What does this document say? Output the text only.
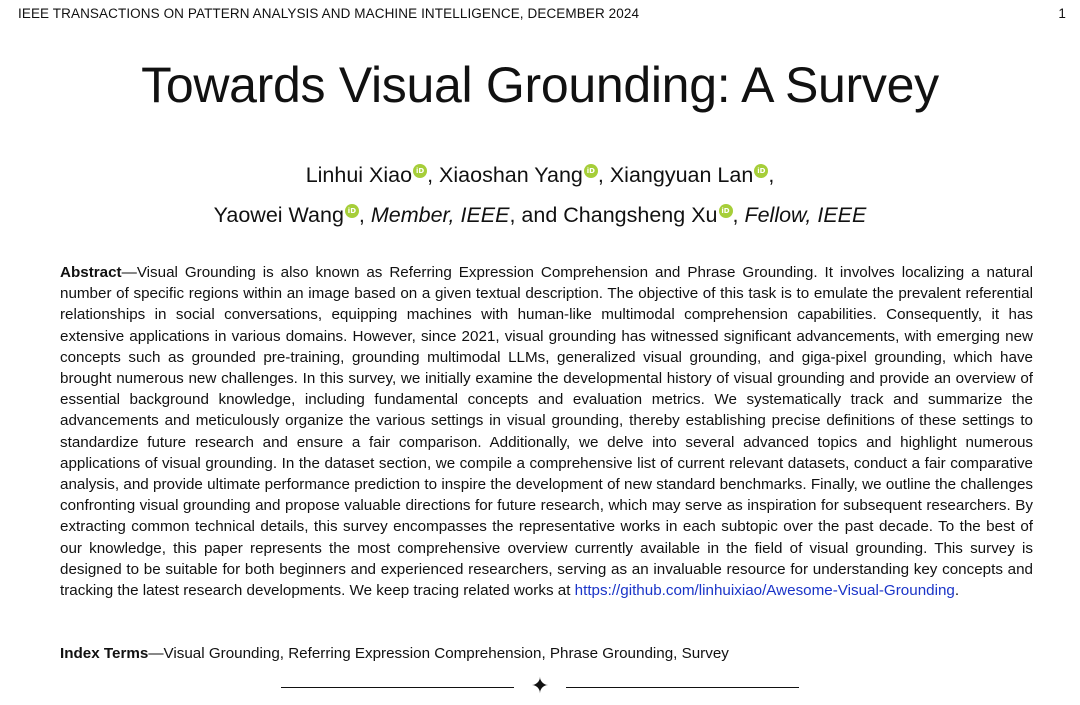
IEEE TRANSACTIONS ON PATTERN ANALYSIS AND MACHINE INTELLIGENCE, DECEMBER 2024	1
Towards Visual Grounding: A Survey
Linhui Xiao iD , Xiaoshan Yang iD , Xiangyuan Lan iD ,
Yaowei Wang iD , Member, IEEE, and Changsheng Xu iD , Fellow, IEEE

Abstract—Visual Grounding is also known as Referring Expression Comprehension and Phrase Grounding. It involves localizing a natural number of specific regions within an image based on a given textual description. The objective of this task is to emulate the prevalent referential relationships in social conversations, equipping machines with human-like multimodal comprehension capabilities. Consequently, it has extensive applications in various domains. However, since 2021, visual grounding has witnessed significant advancements, with emerging new concepts such as grounded pre-training, grounding multimodal LLMs, generalized visual grounding, and giga-pixel grounding, which have brought numerous new challenges. In this survey, we initially examine the developmental history of visual grounding and provide an overview of essential background knowledge, including fundamental concepts and evaluation metrics. We systematically track and summarize the advancements and meticulously organize the various settings in visual grounding, thereby establishing precise definitions of these settings to standardize future research and ensure a fair comparison. Additionally, we delve into several advanced topics and highlight numerous applications of visual grounding. In the dataset section, we compile a comprehensive list of current relevant datasets, conduct a fair comparative analysis, and provide ultimate performance prediction to inspire the development of new standard benchmarks. Finally, we outline the challenges confronting visual grounding and propose valuable directions for future research, which may serve as inspiration for subsequent researchers. By extracting common technical details, this survey encompasses the representative works in each subtopic over the past decade. To the best of our knowledge, this paper represents the most comprehensive overview currently available in the field of visual grounding. This survey is designed to be suitable for both beginners and experienced researchers, serving as an invaluable resource for understanding key concepts and tracking the latest research developments. We keep tracing related works at https://github.com/linhuixiao/Awesome-Visual-Grounding.

Index Terms—Visual Grounding, Referring Expression Comprehension, Phrase Grounding, Survey

✦
